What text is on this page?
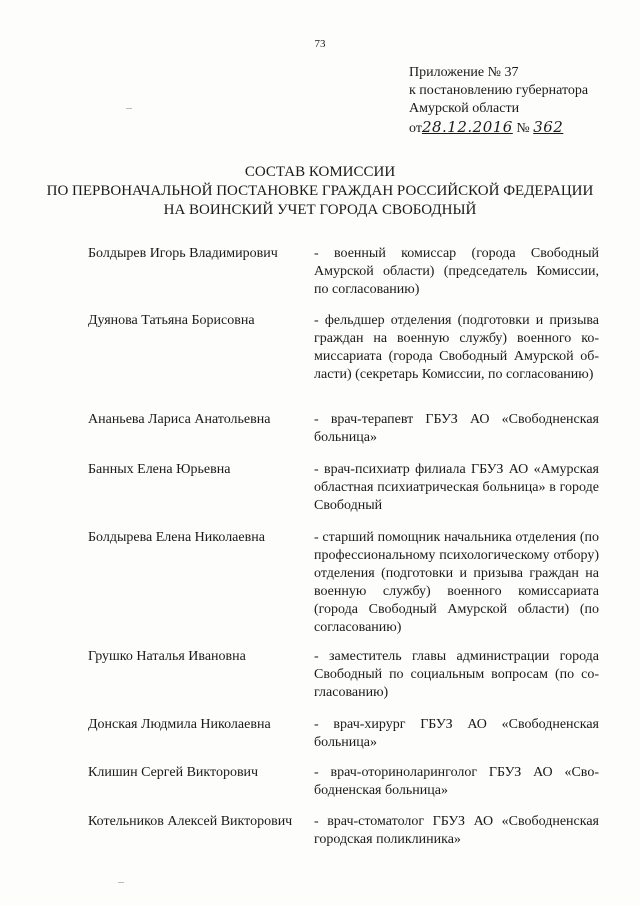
73
Приложение № 37
к постановлению губернатора
Амурской области
от28.12.2016 № 362
СОСТАВ КОМИССИИ
ПО ПЕРВОНАЧАЛЬНОЙ ПОСТАНОВКЕ ГРАЖДАН РОССИЙСКОЙ ФЕДЕРАЦИИ
НА ВОИНСКИЙ УЧЕТ ГОРОДА СВОБОДНЫЙ
Болдырев Игорь Владимирович	- военный комиссар (города Свободный Амурской области) (председатель Комиссии, по согласованию)
Дуянова Татьяна Борисовна	- фельдшер отделения (подготовки и призыва граждан на военную службу) военного комиссариата (города Свободный Амурской области) (секретарь Комиссии, по согласованию)
Ананьева Лариса Анатольевна	- врач-терапевт ГБУЗ АО «Свободненская больница»
Банных Елена Юрьевна	- врач-психиатр филиала ГБУЗ АО «Амурская областная психиатрическая больница» в городе Свободный
Болдырева Елена Николаевна	- старший помощник начальника отделения (по профессиональному психологическому отбору) отделения (подготовки и призыва граждан на военную службу) военного комиссариата (города Свободный Амурской области) (по согласованию)
Грушко Наталья Ивановна	- заместитель главы администрации города Свободный по социальным вопросам (по согласованию)
Донская Людмила Николаевна	- врач-хирург ГБУЗ АО «Свободненская больница»
Клишин Сергей Викторович	- врач-оториноларинголог ГБУЗ АО «Свободненская больница»
Котельников Алексей Викторович	- врач-стоматолог ГБУЗ АО «Свободненская городская поликлиника»
